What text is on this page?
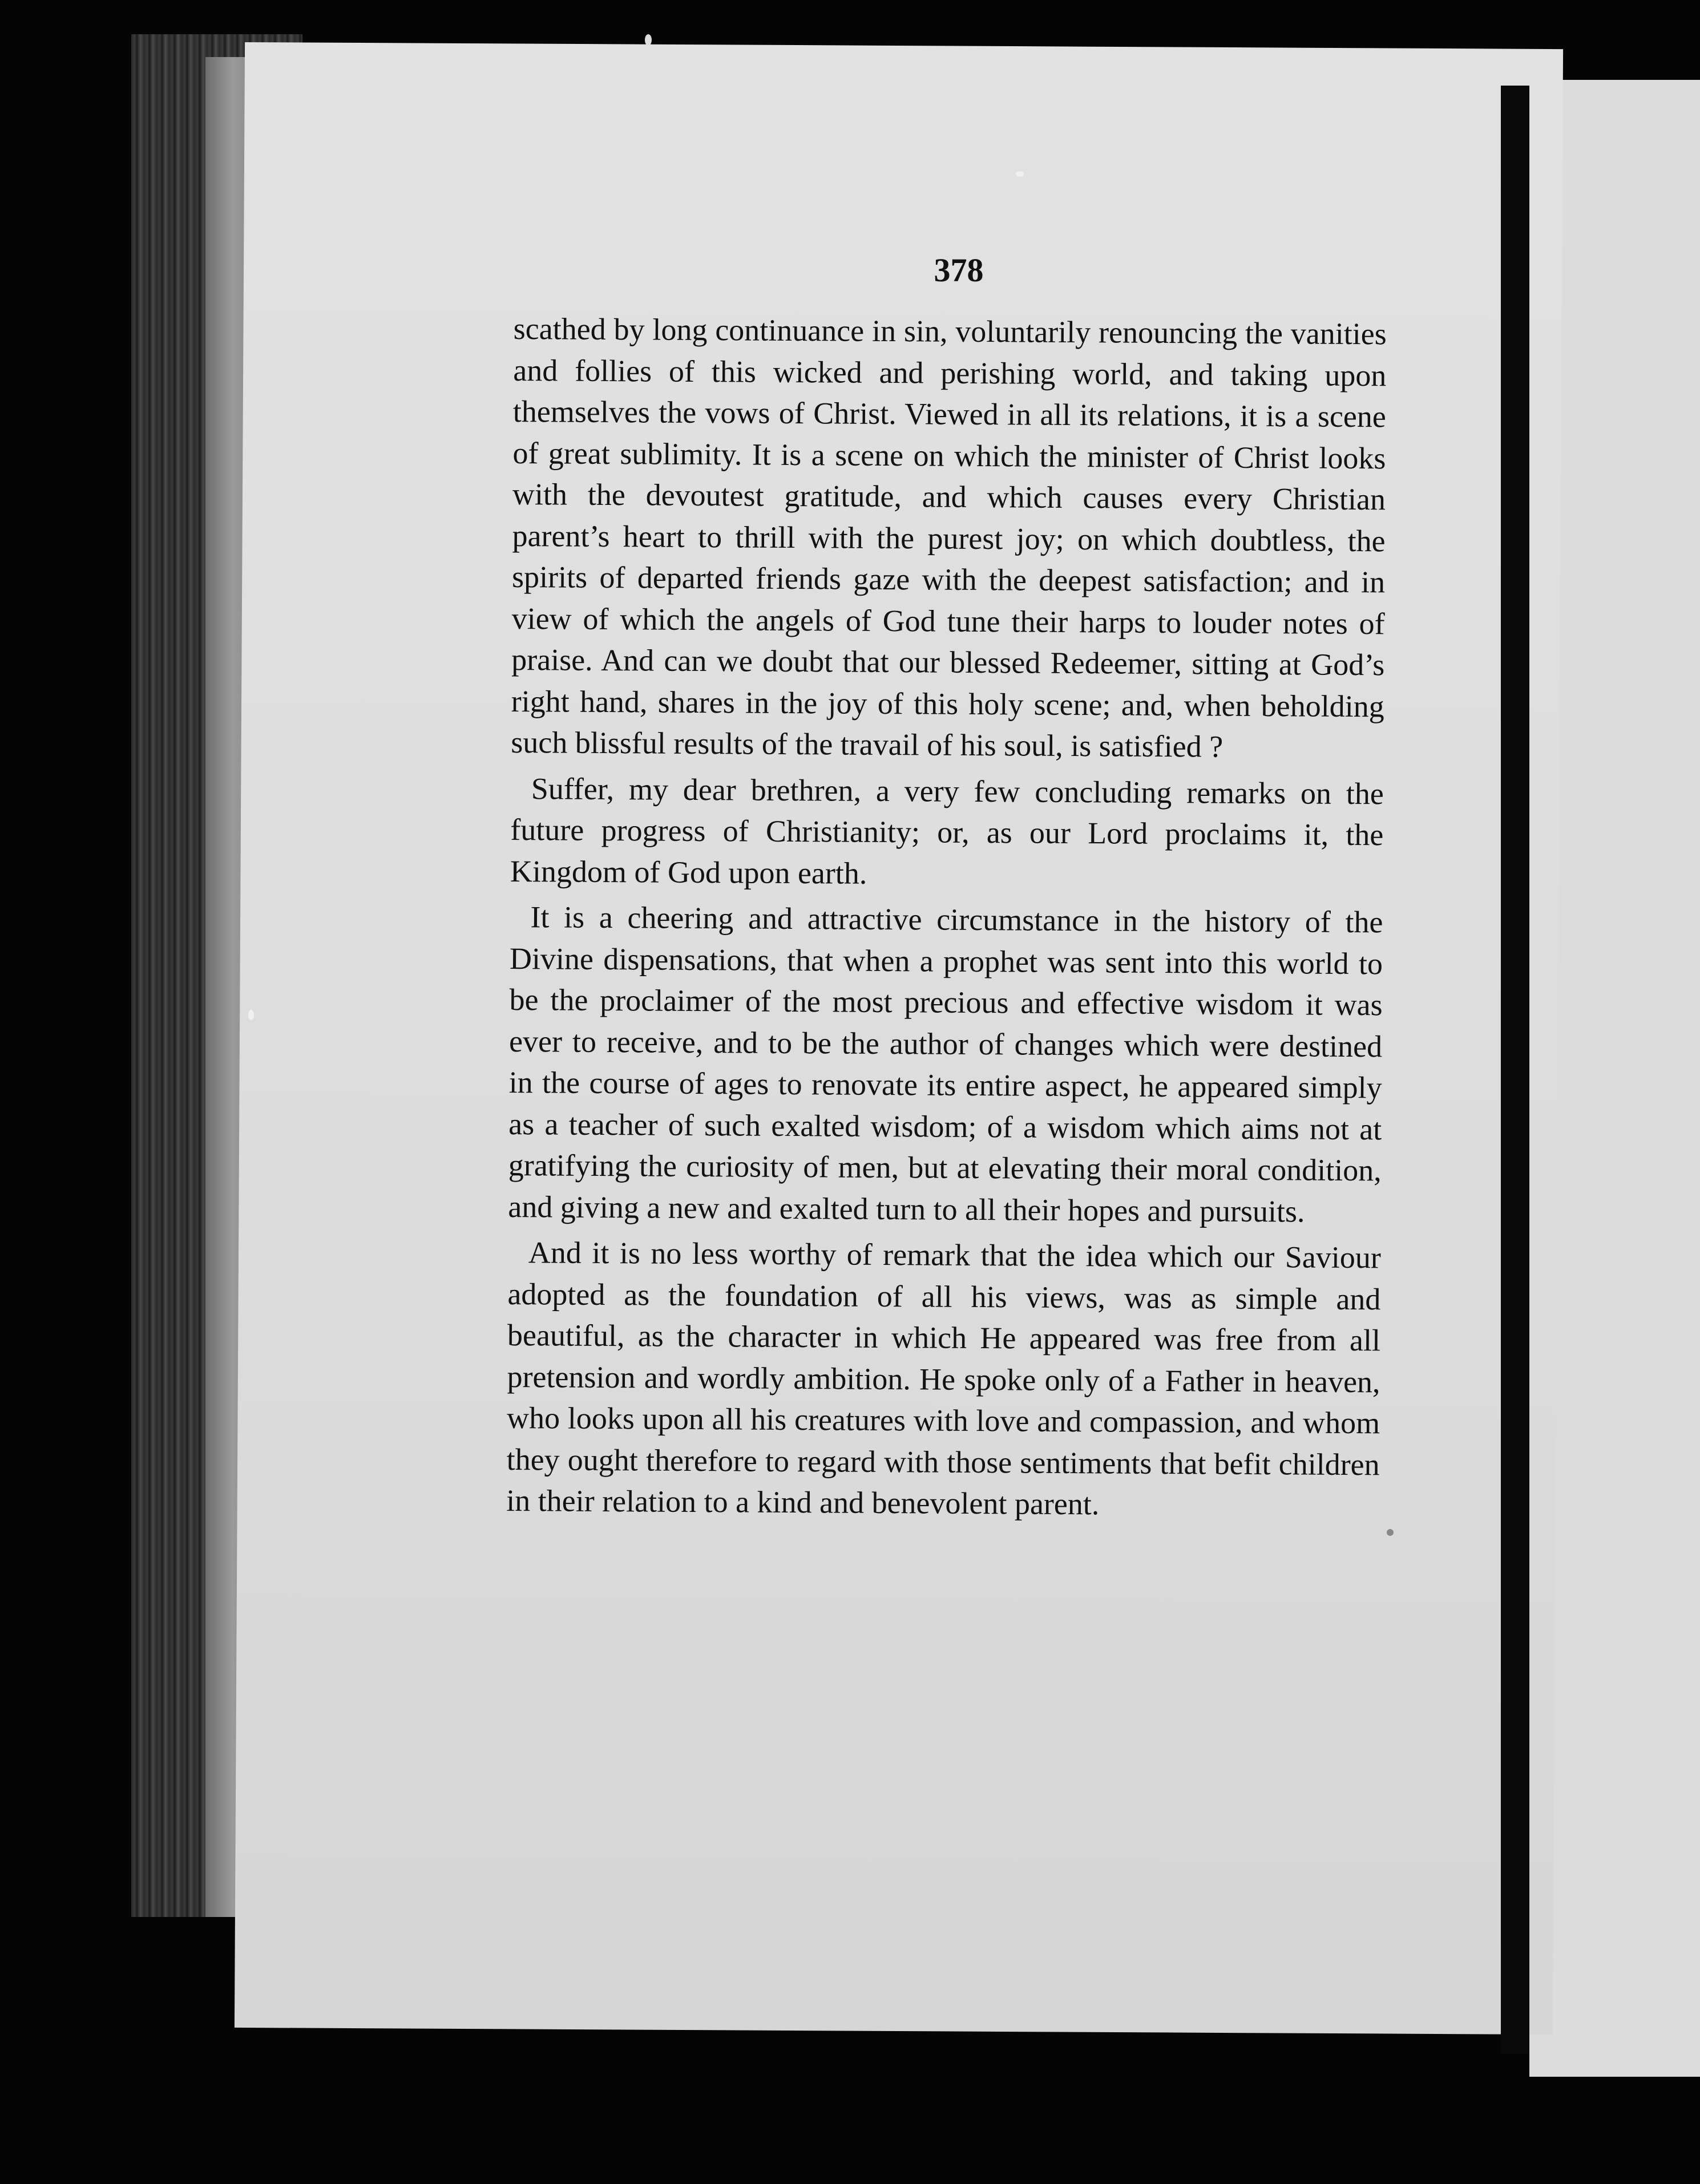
378

scathed by long continuance in sin, voluntarily renouncing the vanities and follies of this wicked and perishing world, and taking upon themselves the vows of Christ. Viewed in all its relations, it is a scene of great sublimity. It is a scene on which the minister of Christ looks with the devoutest gratitude, and which causes every Christian parent’s heart to thrill with the purest joy; on which doubtless, the spirits of departed friends gaze with the deepest satisfaction; and in view of which the angels of God tune their harps to louder notes of praise. And can we doubt that our blessed Redeemer, sitting at God’s right hand, shares in the joy of this holy scene; and, when beholding such blissful results of the travail of his soul, is satisfied ?

Suffer, my dear brethren, a very few concluding remarks on the future progress of Christianity; or, as our Lord proclaims it, the Kingdom of God upon earth.

It is a cheering and attractive circumstance in the history of the Divine dispensations, that when a prophet was sent into this world to be the proclaimer of the most precious and effective wisdom it was ever to receive, and to be the author of changes which were destined in the course of ages to renovate its entire aspect, he appeared simply as a teacher of such exalted wisdom; of a wisdom which aims not at gratifying the curiosity of men, but at elevating their moral condition, and giving a new and exalted turn to all their hopes and pursuits.

And it is no less worthy of remark that the idea which our Saviour adopted as the foundation of all his views, was as simple and beautiful, as the character in which He appeared was free from all pretension and wordly ambition. He spoke only of a Father in heaven, who looks upon all his creatures with love and compassion, and whom they ought therefore to regard with those sentiments that befit children in their relation to a kind and benevolent parent.
